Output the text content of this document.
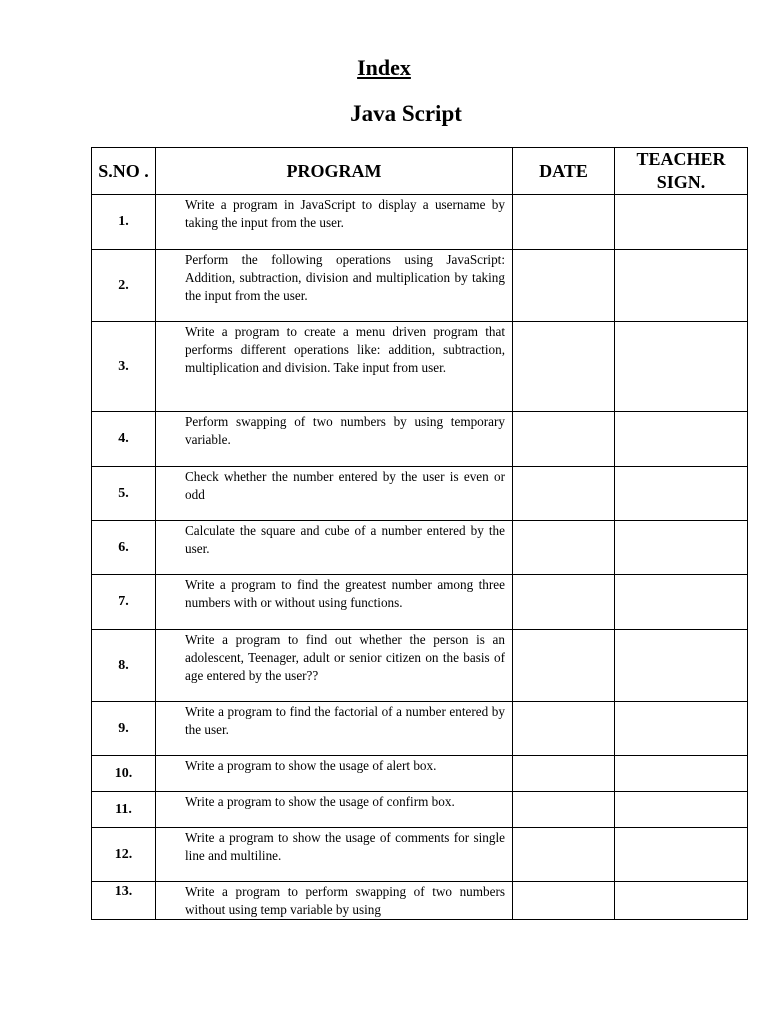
Index
Java Script
S.NO .	PROGRAM	DATE	TEACHER SIGN.
1.	Write a program in JavaScript to display a username by taking the input from the user.		

2.	Perform the following operations using JavaScript: Addition, subtraction, division and multiplication by taking the input from the user.		

3.	Write a program to create a menu driven program that performs different operations like: addition, subtraction, multiplication and division. Take input from user.		

4.	Perform swapping of two numbers by using temporary variable.		

5.	Check whether the number entered by the user is even or odd		

6.	Calculate the square and cube of a number entered by the user.		

7.	Write a program to find the greatest number among three numbers with or without using functions.		

8.	Write a program to find out whether the person is an adolescent, Teenager, adult or senior citizen on the basis of age entered by the user??		

9.	Write a program to find the factorial of a number entered by the user.		

10.	Write a program to show the usage of alert box.		

11.	Write a program to show the usage of confirm box.		

12.	Write a program to show the usage of comments for single line and multiline.		

13.	Write a program to perform swapping of two numbers without using temp variable by using		
